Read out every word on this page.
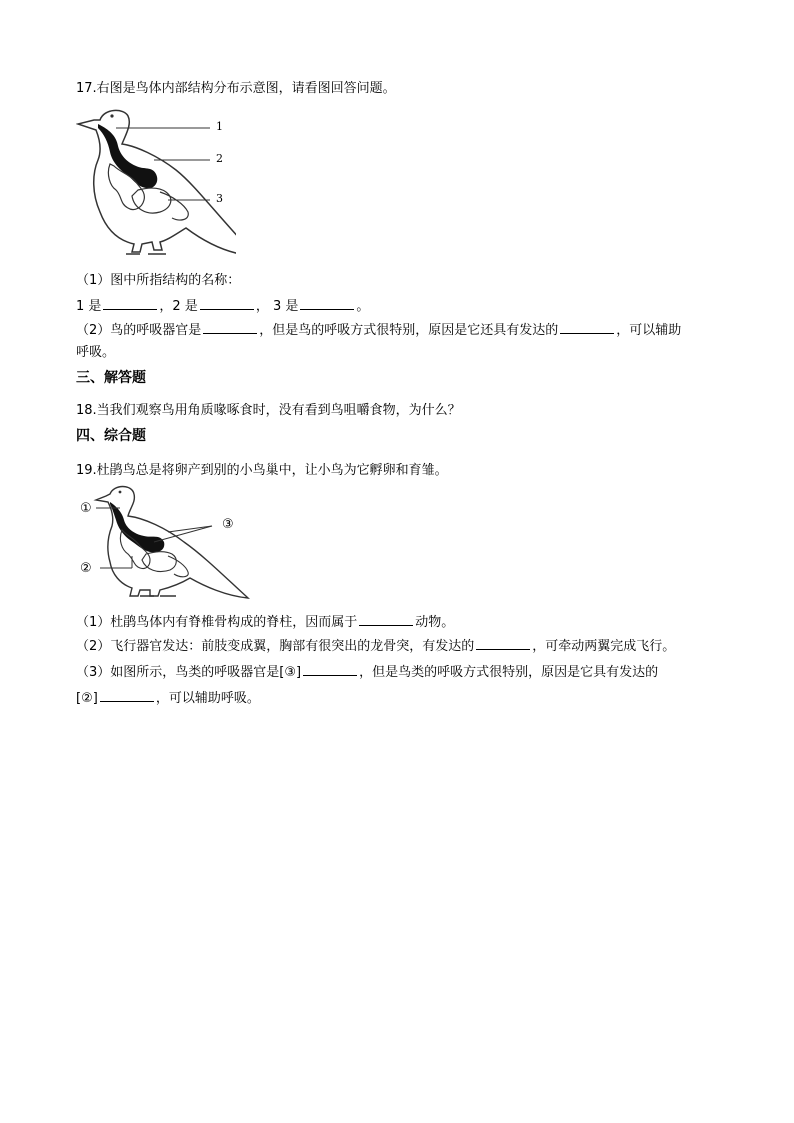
17.右图是鸟体内部结构分布示意图，请看图回答问题。
1
2
3
（1）图中所指结构的名称：
1 是	，2 是	， 3 是	。
（2）鸟的呼吸器官是	，但是鸟的呼吸方式很特别，原因是它还具有发达的	，可以辅助
呼吸。
三、解答题
18.当我们观察鸟用角质喙啄食时，没有看到鸟咀嚼食物，为什么？
四、综合题
19.杜鹃鸟总是将卵产到别的小鸟巢中，让小鸟为它孵卵和育雏。
①
②
③
（1）杜鹃鸟体内有脊椎骨构成的脊柱，因而属于	动物。
（2）飞行器官发达：前肢变成翼，胸部有很突出的龙骨突，有发达的	，可牵动两翼完成飞行。
（3）如图所示，鸟类的呼吸器官是[③]	，但是鸟类的呼吸方式很特别，原因是它具有发达的
[②]	，可以辅助呼吸。
